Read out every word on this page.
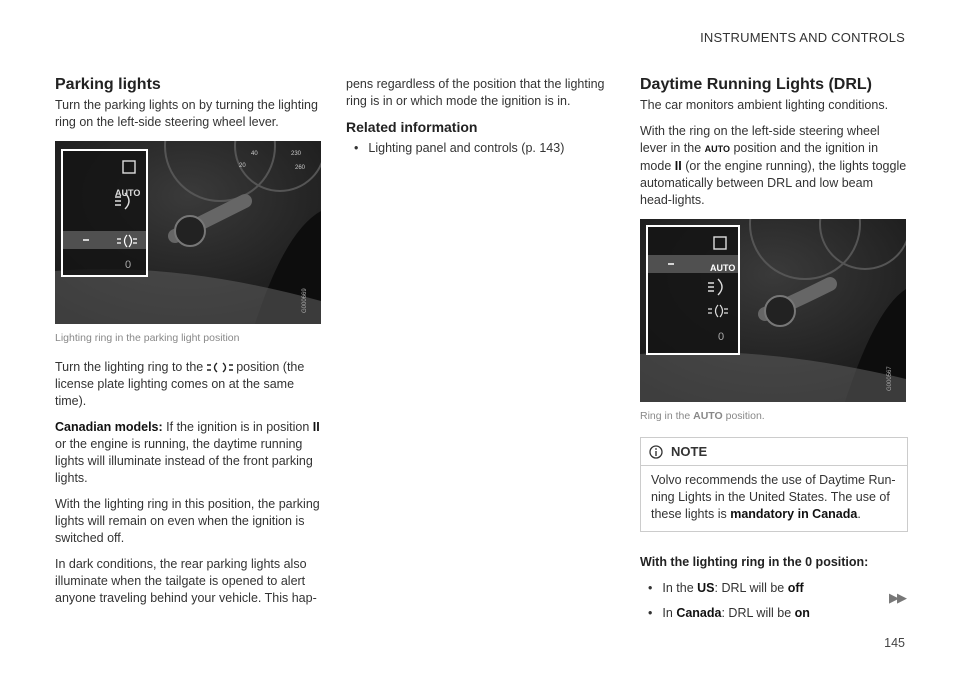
INSTRUMENTS AND CONTROLS
Parking lights

Turn the parking lights on by turning the lighting ring on the left-side steering wheel lever.

20
40	230
260
G000669
AUTO
0
Lighting ring in the parking light position

Turn the lighting ring to the	position (the license plate lighting comes on at the same time).

Canadian models: If the ignition is in position II or the engine is running, the daytime running lights will illuminate instead of the front parking lights.

With the lighting ring in this position, the parking lights will remain on even when the ignition is switched off.

In dark conditions, the rear parking lights also illuminate when the tailgate is opened to alert anyone traveling behind your vehicle. This hap-

pens regardless of the position that the lighting ring is in or which mode the ignition is in.

Related information
• Lighting panel and controls (p. 143)
Daytime Running Lights (DRL)

The car monitors ambient lighting conditions.

With the ring on the left-side steering wheel lever in the AUTO position and the ignition in mode II (or the engine running), the lights toggle automatically between DRL and low beam head-lights.

G000567
AUTO
0
Ring in the AUTO position.
NOTE
Volvo recommends the use of Daytime Run-ning Lights in the United States. The use of these lights is mandatory in Canada.

With the lighting ring in the 0 position:

• In the US: DRL will be off
• In Canada: DRL will be on
▶▶
145
